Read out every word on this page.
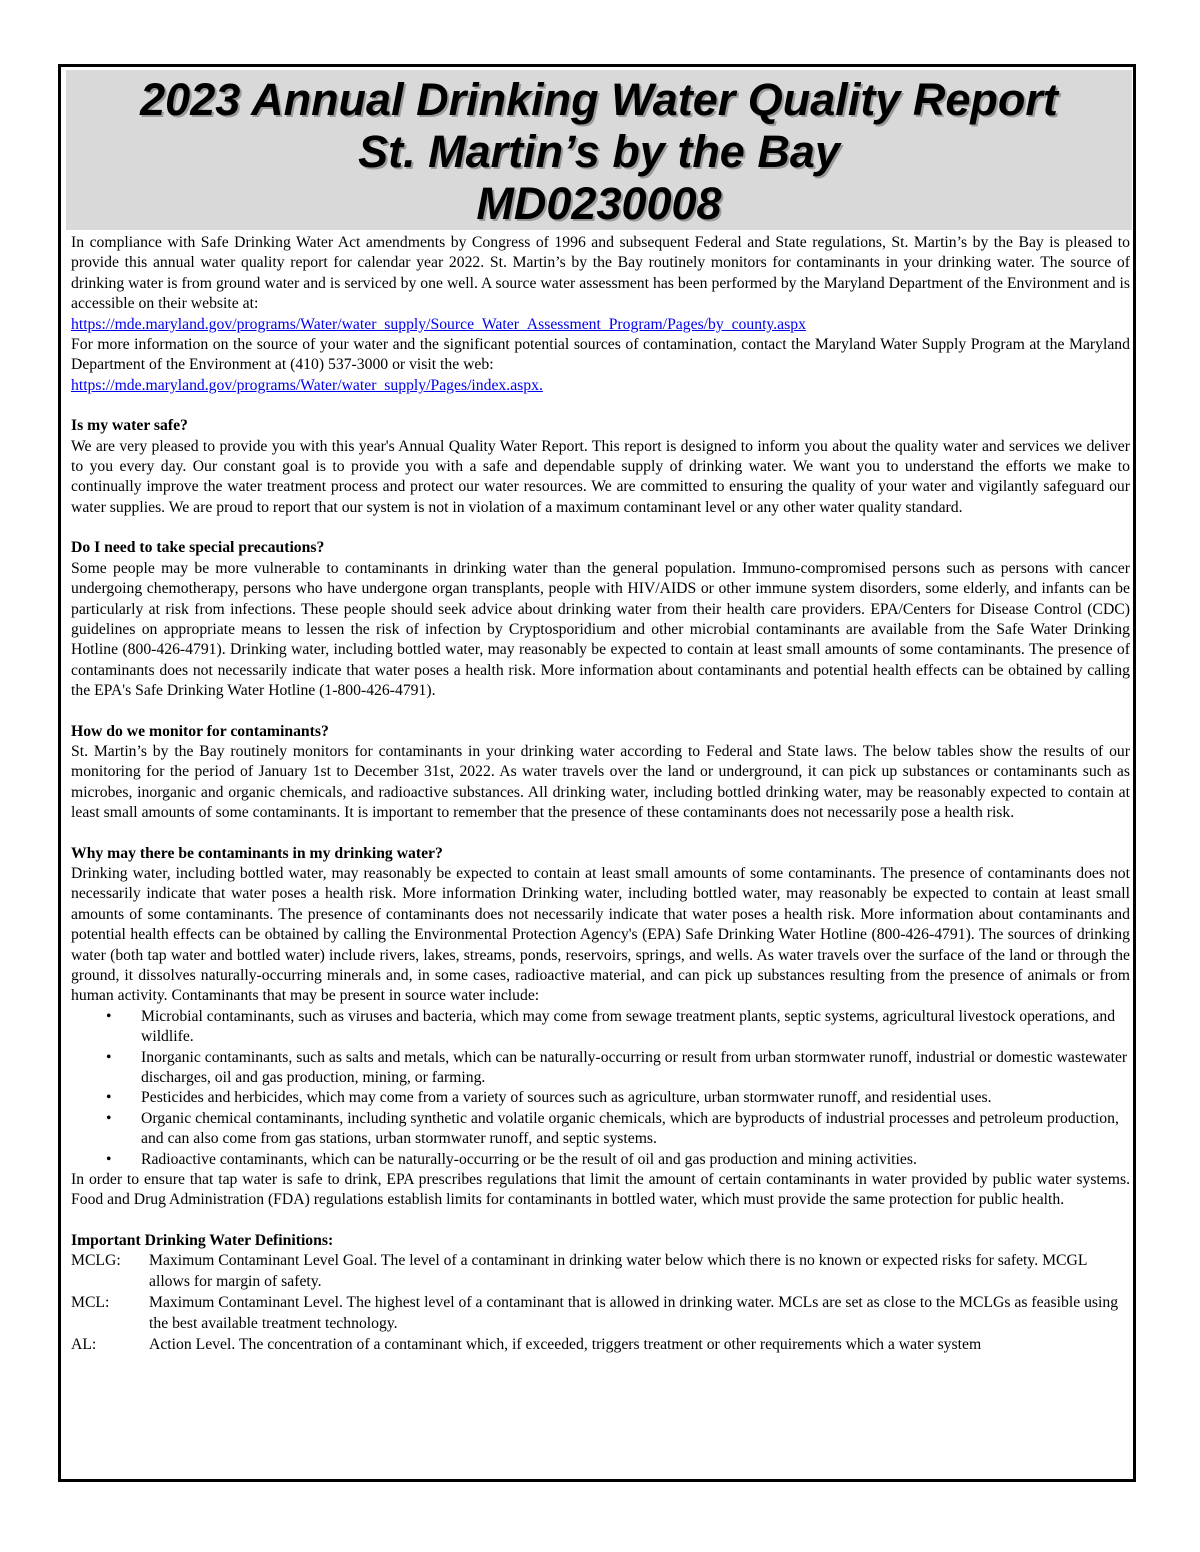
2023 Annual Drinking Water Quality Report
St. Martin’s by the Bay
MD0230008

In compliance with Safe Drinking Water Act amendments by Congress of 1996 and subsequent Federal and State regulations, St. Martin’s by the Bay is pleased to provide this annual water quality report for calendar year 2022. St. Martin’s by the Bay routinely monitors for contaminants in your drinking water. The source of drinking water is from ground water and is serviced by one well. A source water assessment has been performed by the Maryland Department of the Environment and is accessible on their website at:

https://mde.maryland.gov/programs/Water/water_supply/Source_Water_Assessment_Program/Pages/by_county.aspx

For more information on the source of your water and the significant potential sources of contamination, contact the Maryland Water Supply Program at the Maryland Department of the Environment at (410) 537-3000 or visit the web:

https://mde.maryland.gov/programs/Water/water_supply/Pages/index.aspx.

Is my water safe?

We are very pleased to provide you with this year's Annual Quality Water Report. This report is designed to inform you about the quality water and services we deliver to you every day. Our constant goal is to provide you with a safe and dependable supply of drinking water. We want you to understand the efforts we make to continually improve the water treatment process and protect our water resources. We are committed to ensuring the quality of your water and vigilantly safeguard our water supplies. We are proud to report that our system is not in violation of a maximum contaminant level or any other water quality standard.

Do I need to take special precautions?

Some people may be more vulnerable to contaminants in drinking water than the general population. Immuno-compromised persons such as persons with cancer undergoing chemotherapy, persons who have undergone organ transplants, people with HIV/AIDS or other immune system disorders, some elderly, and infants can be particularly at risk from infections. These people should seek advice about drinking water from their health care providers. EPA/Centers for Disease Control (CDC) guidelines on appropriate means to lessen the risk of infection by Cryptosporidium and other microbial contaminants are available from the Safe Water Drinking Hotline (800-426-4791). Drinking water, including bottled water, may reasonably be expected to contain at least small amounts of some contaminants. The presence of contaminants does not necessarily indicate that water poses a health risk. More information about contaminants and potential health effects can be obtained by calling the EPA's Safe Drinking Water Hotline (1-800-426-4791).

How do we monitor for contaminants?

St. Martin’s by the Bay routinely monitors for contaminants in your drinking water according to Federal and State laws. The below tables show the results of our monitoring for the period of January 1st to December 31st, 2022. As water travels over the land or underground, it can pick up substances or contaminants such as microbes, inorganic and organic chemicals, and radioactive substances. All drinking water, including bottled drinking water, may be reasonably expected to contain at least small amounts of some contaminants. It is important to remember that the presence of these contaminants does not necessarily pose a health risk.

Why may there be contaminants in my drinking water?

Drinking water, including bottled water, may reasonably be expected to contain at least small amounts of some contaminants. The presence of contaminants does not necessarily indicate that water poses a health risk. More information Drinking water, including bottled water, may reasonably be expected to contain at least small amounts of some contaminants. The presence of contaminants does not necessarily indicate that water poses a health risk. More information about contaminants and potential health effects can be obtained by calling the Environmental Protection Agency's (EPA) Safe Drinking Water Hotline (800-426-4791). The sources of drinking water (both tap water and bottled water) include rivers, lakes, streams, ponds, reservoirs, springs, and wells. As water travels over the surface of the land or through the ground, it dissolves naturally-occurring minerals and, in some cases, radioactive material, and can pick up substances resulting from the presence of animals or from human activity. Contaminants that may be present in source water include:

• Microbial contaminants, such as viruses and bacteria, which may come from sewage treatment plants, septic systems, agricultural livestock operations, and wildlife.
• Inorganic contaminants, such as salts and metals, which can be naturally-occurring or result from urban stormwater runoff, industrial or domestic wastewater discharges, oil and gas production, mining, or farming.
• Pesticides and herbicides, which may come from a variety of sources such as agriculture, urban stormwater runoff, and residential uses.
• Organic chemical contaminants, including synthetic and volatile organic chemicals, which are byproducts of industrial processes and petroleum production, and can also come from gas stations, urban stormwater runoff, and septic systems.
• Radioactive contaminants, which can be naturally-occurring or be the result of oil and gas production and mining activities.

In order to ensure that tap water is safe to drink, EPA prescribes regulations that limit the amount of certain contaminants in water provided by public water systems. Food and Drug Administration (FDA) regulations establish limits for contaminants in bottled water, which must provide the same protection for public health.

Important Drinking Water Definitions:

MCLG:	Maximum Contaminant Level Goal. The level of a contaminant in drinking water below which there is no known or expected risks for safety. MCGL allows for margin of safety.
MCL:	Maximum Contaminant Level. The highest level of a contaminant that is allowed in drinking water. MCLs are set as close to the MCLGs as feasible using the best available treatment technology.
AL:	Action Level. The concentration of a contaminant which, if exceeded, triggers treatment or other requirements which a water system
